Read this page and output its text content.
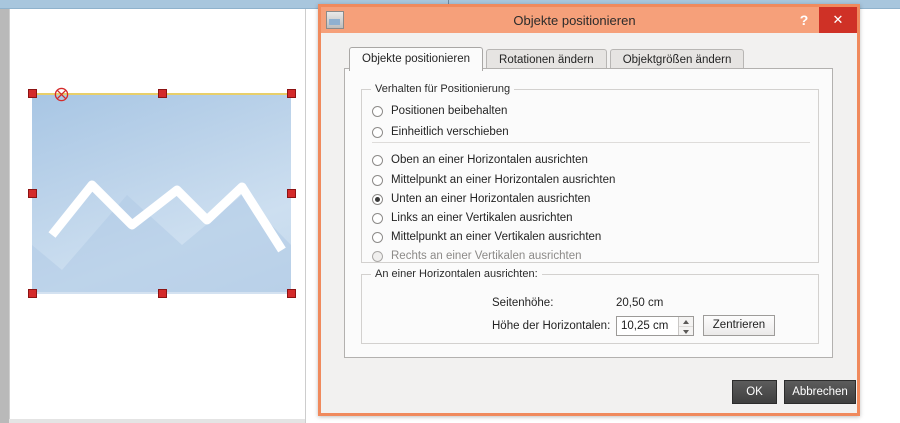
Objekte positionieren	?	✕
Objekte positionieren	Rotationen ändern	Objektgrößen ändern
Verhalten für Positionierung
Positionen beibehalten
Einheitlich verschieben
Oben an einer Horizontalen ausrichten
Mittelpunkt an einer Horizontalen ausrichten
Unten an einer Horizontalen ausrichten
Links an einer Vertikalen ausrichten
Mittelpunkt an einer Vertikalen ausrichten
Rechts an einer Vertikalen ausrichten
An einer Horizontalen ausrichten:
Seitenhöhe:	20,50 cm
Höhe der Horizontalen: 10,25 cm	Zentrieren
OK	Abbrechen
